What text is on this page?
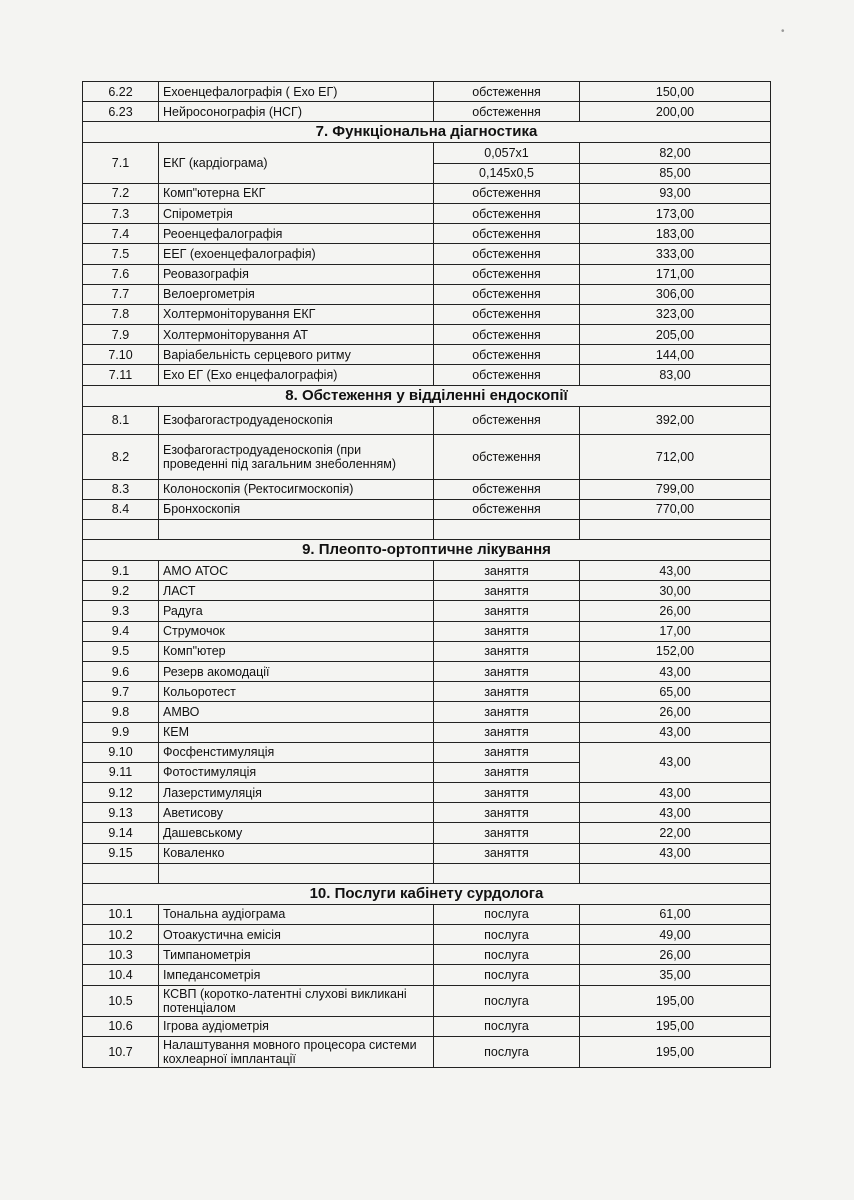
•
6.22	Ехоенцефалографія ( Ехо ЕГ)	обстеження	150,00
6.23	Нейросонографія (НСГ)	обстеження	200,00
7. Функціональна діагностика			
7.1	ЕКГ (кардіограма)	0,057x1	82,00
		0,145x0,5	85,00
7.2	Комп"ютерна ЕКГ	обстеження	93,00
7.3	Спірометрія	обстеження	173,00
7.4	Реоенцефалографія	обстеження	183,00
7.5	ЕЕГ (ехоенцефалографія)	обстеження	333,00
7.6	Реовазографія	обстеження	171,00
7.7	Велоергометрія	обстеження	306,00
7.8	Холтермоніторування ЕКГ	обстеження	323,00
7.9	Холтермоніторування АТ	обстеження	205,00
7.10	Варіабельність серцевого ритму	обстеження	144,00
7.11	Ехо ЕГ (Ехо енцефалографія)	обстеження	83,00
8. Обстеження у відділенні ендоскопії			
8.1	Езофагогастродуаденоскопія	обстеження	392,00
8.2	Езофагогастродуаденоскопія (при проведенні під загальним знеболенням)	обстеження	712,00
8.3	Колоноскопія (Ректосигмоскопія)	обстеження	799,00
8.4	Бронхоскопія	обстеження	770,00

9. Плеопто-ортоптичне лікування			
9.1	АМО АТОС	заняття	43,00
9.2	ЛАСТ	заняття	30,00
9.3	Радуга	заняття	26,00
9.4	Струмочок	заняття	17,00
9.5	Комп"ютер	заняття	152,00
9.6	Резерв акомодації	заняття	43,00
9.7	Кольоротест	заняття	65,00
9.8	АМВО	заняття	26,00
9.9	КЕМ	заняття	43,00
9.10	Фосфенстимуляція	заняття	43,00
9.11	Фотостимуляція	заняття	
9.12	Лазерстимуляція	заняття	43,00
9.13	Аветисову	заняття	43,00
9.14	Дашевському	заняття	22,00
9.15	Коваленко	заняття	43,00

10. Послуги кабінету сурдолога			
10.1	Тональна аудіограма	послуга	61,00
10.2	Отоакустична емісія	послуга	49,00
10.3	Тимпанометрія	послуга	26,00
10.4	Імпедансометрія	послуга	35,00
10.5	КСВП (коротко-латентні слухові викликані потенціалом	послуга	195,00
10.6	Ігрова аудіометрія	послуга	195,00
10.7	Налаштування мовного процесора системи кохлеарної імплантації	послуга	195,00
